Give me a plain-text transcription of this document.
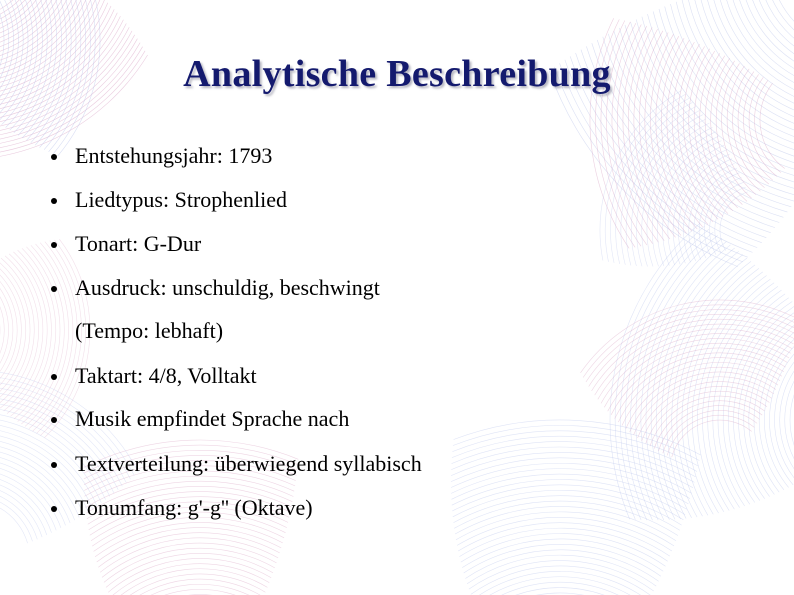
Analytische Beschreibung
Entstehungsjahr: 1793
Liedtypus: Strophenlied
Tonart: G-Dur
Ausdruck: unschuldig, beschwingt
(Tempo: lebhaft)
Taktart: 4/8, Volltakt
Musik empfindet Sprache nach
Textverteilung: überwiegend syllabisch
Tonumfang: g'-g'' (Oktave)
